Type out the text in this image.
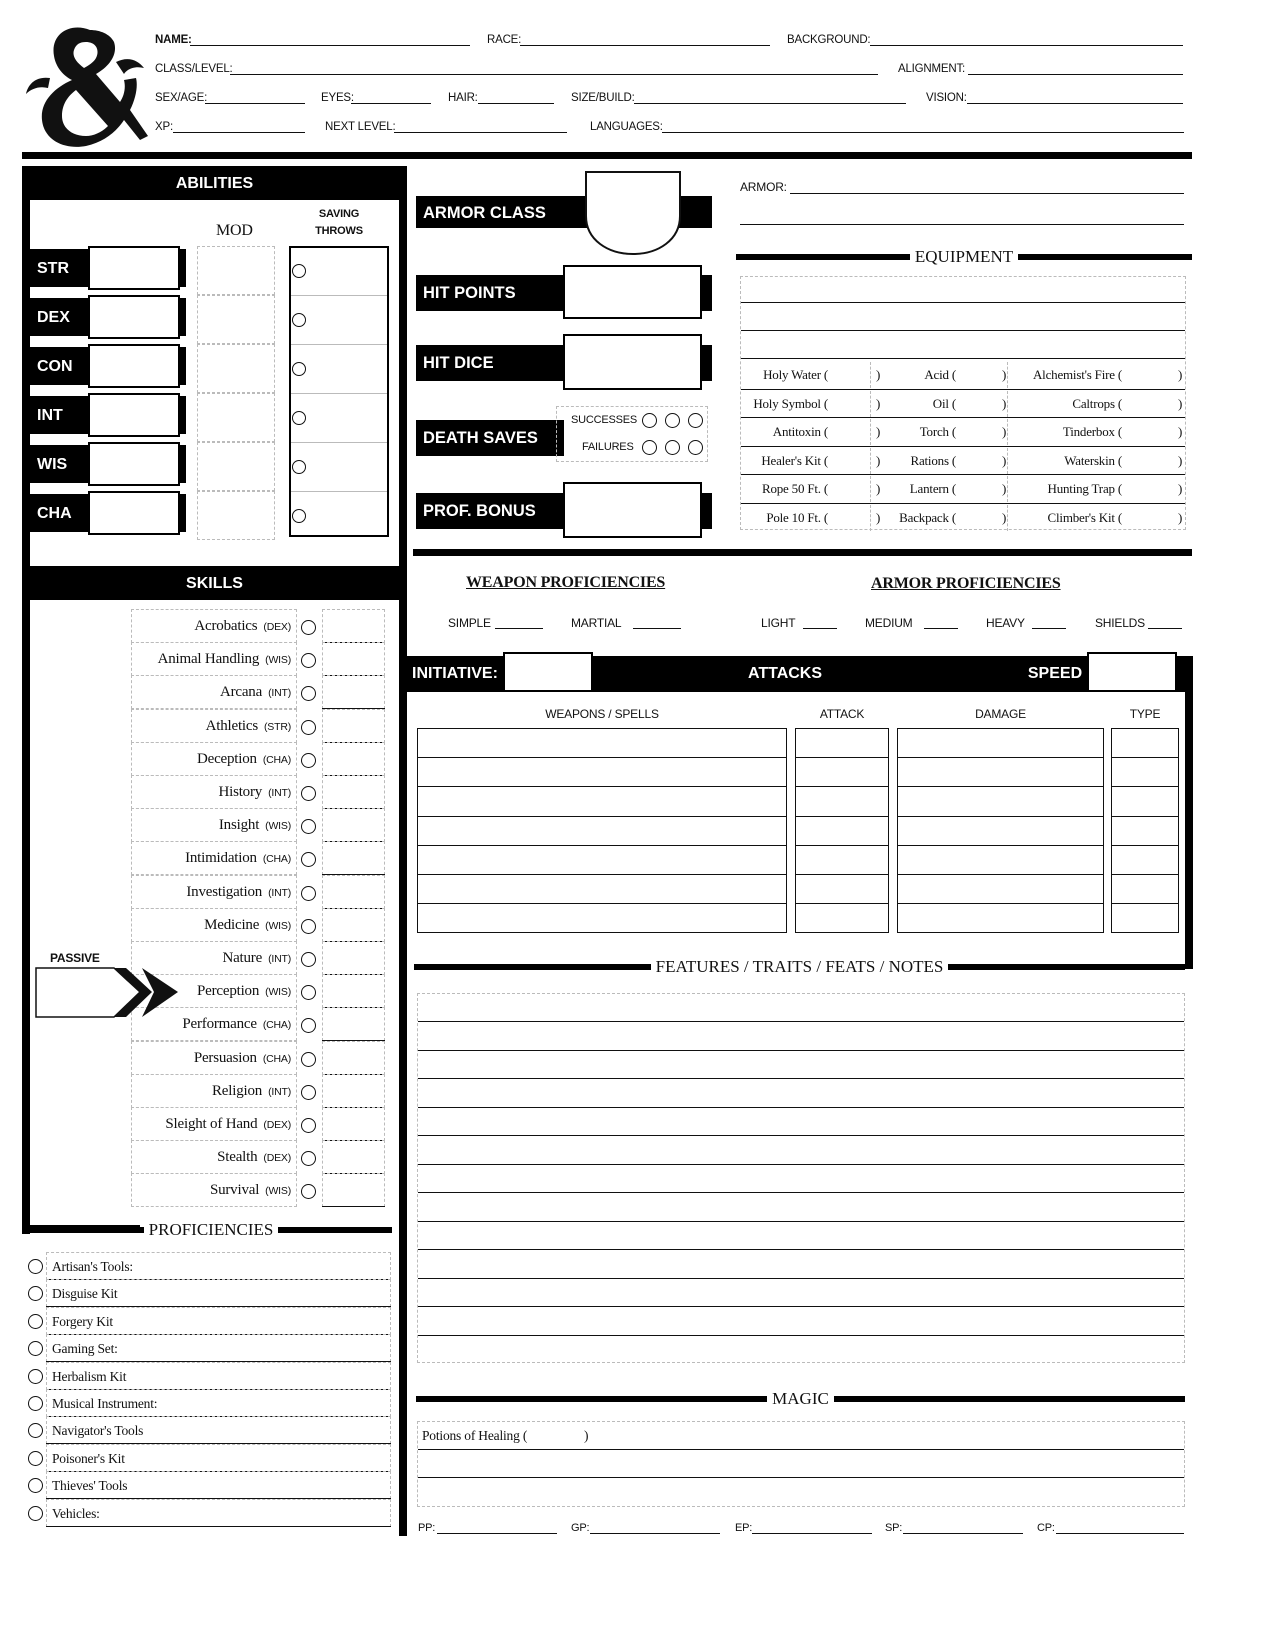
NAME:	RACE:	BACKGROUND:
CLASS/LEVEL:	ALIGNMENT:
SEX/AGE:	EYES:	HAIR:	SIZE/BUILD:	VISION:
XP:	NEXT LEVEL:	LANGUAGES:
ABILITIES
SKILLS
MOD
SAVING
THROWS
STR
DEX
CON
INT
WIS
CHA
Acrobatics (DEX)
Animal Handling (WIS)
Arcana (INT)
Athletics (STR)
Deception (CHA)
History (INT)
Insight (WIS)
Intimidation (CHA)
Investigation (INT)
Medicine (WIS)
Nature (INT)
Perception (WIS)
Performance (CHA)
Persuasion (CHA)
Religion (INT)
Sleight of Hand (DEX)
Stealth (DEX)
Survival (WIS)
PASSIVE
PROFICIENCIES
Artisan's Tools:
Disguise Kit
Forgery Kit
Gaming Set:
Herbalism Kit
Musical Instrument:
Navigator's Tools
Poisoner's Kit
Thieves' Tools
Vehicles:
ARMOR CLASS
HIT POINTS
HIT DICE
DEATH SAVES
SUCCESSES
FAILURES
PROF. BONUS
ARMOR:
EQUIPMENT
Holy Water (	)	Acid (	)	Alchemist's Fire (	)
Holy Symbol (	)	Oil (	)	Caltrops (	)
Antitoxin (	)	Torch (	)	Tinderbox (	)
Healer's Kit (	)	Rations (	)	Waterskin (	)
Rope 50 Ft. (	)	Lantern (	)	Hunting Trap (	)
Pole 10 Ft. (	)	Backpack (	)	Climber's Kit (	)
WEAPON PROFICIENCIES
SIMPLE	MARTIAL
ARMOR PROFICIENCIES
LIGHT	MEDIUM	HEAVY	SHIELDS
INITIATIVE:	ATTACKS	SPEED
WEAPONS / SPELLS	ATTACK	DAMAGE	TYPE
FEATURES / TRAITS / FEATS / NOTES
MAGIC
Potions of Healing (	)
PP:	GP:	EP:	SP:	CP:
